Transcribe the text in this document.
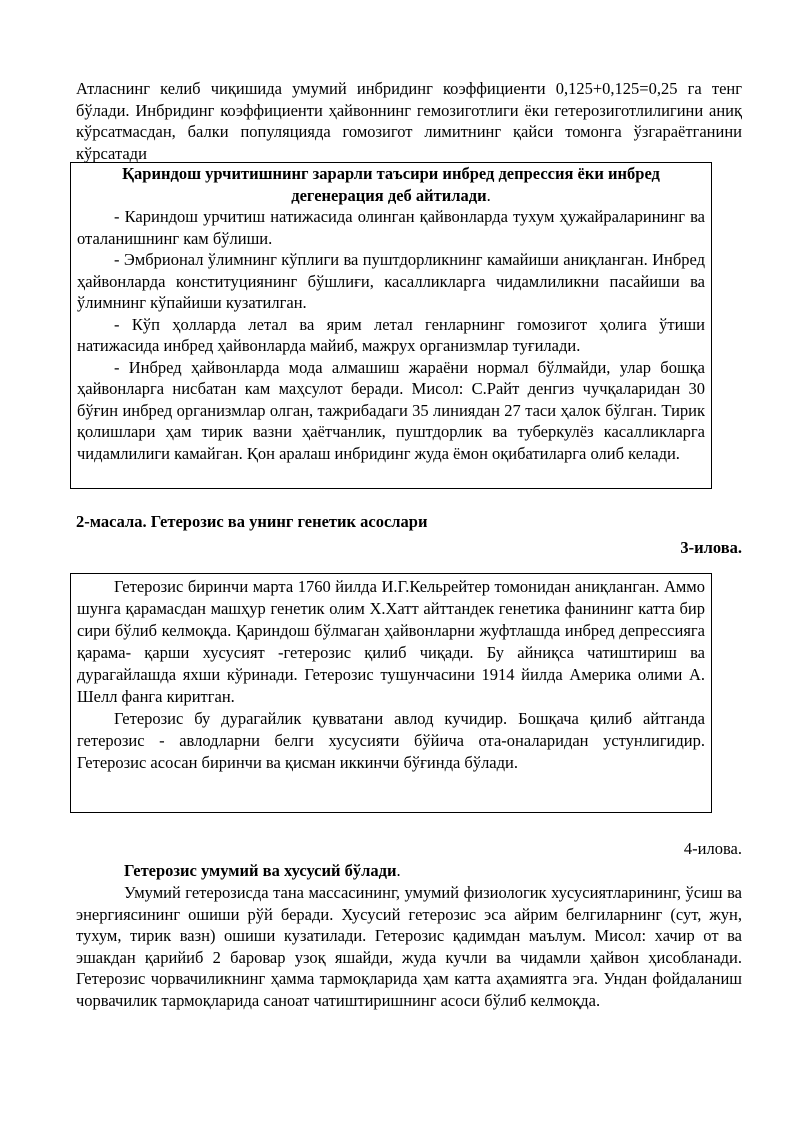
Атласнинг келиб чиқишида умумий инбридинг коэффициенти 0,125+0,125=0,25 га тенг бўлади. Инбридинг коэффициенти ҳайвоннинг гемозиготлиги ёки гетерозиготлилигини аниқ кўрсатмасдан, балки популяцияда гомозигот лимитнинг қайси томонга ўзгараётганини кўрсатади

Қариндош урчитишнинг зарарли таъсири инбред депрессия ёки инбред дегенерация деб айтилади.

- Кариндош урчитиш натижасида олинган қайвонларда тухум ҳужайраларининг ва оталанишнинг кам бўлиши.

- Эмбрионал ўлимнинг кўплиги ва пуштдорликнинг камайиши аниқланган. Инбред ҳайвонларда конституциянинг бўшлиғи, касалликларга чидамлиликни пасайиши ва ўлимнинг кўпайиши кузатилган.

- Кўп ҳолларда летал ва ярим летал генларнинг гомозигот ҳолига ўтиши натижасида инбред ҳайвонларда майиб, мажрух организмлар туғилади.

- Инбред ҳайвонларда мода алмашиш жараёни нормал бўлмайди, улар бошқа ҳайвонларга нисбатан кам маҳсулот беради. Мисол: С.Райт денгиз чучқаларидан 30 бўғин инбред организмлар олган, тажрибадаги 35 линиядан 27 таси ҳалок бўлган. Тирик қолишлари ҳам тирик вазни ҳаётчанлик, пуштдорлик ва туберкулёз касалликларга чидамлилиги камайган. Қон аралаш инбридинг жуда ёмон оқибатиларга олиб келади.

2-масала. Гетерозис ва унинг генетик асослари

3-илова.

Гетерозис биринчи марта 1760 йилда И.Г.Кельрейтер томонидан аниқланган. Аммо шунга қарамасдан машҳур генетик олим Х.Хатт айттандек генетика фанининг катта бир сири бўлиб келмоқда. Қариндош бўлмаган ҳайвонларни жуфтлашда инбред депрессияга қарама- қарши хусусият -гетерозис қилиб чиқади. Бу айниқса чатиштириш ва дурагайлашда яхши кўринади. Гетерозис тушунчасини 1914 йилда Америка олими А. Шелл фанга киритган.

Гетерозис бу дурагайлик қувватани авлод кучидир. Бошқача қилиб айтганда гетерозис - авлодларни белги хусусияти бўйича ота-оналаридан устунлигидир. Гетерозис асосан биринчи ва қисман иккинчи бўғинда бўлади.

4-илова.

Гетерозис умумий ва хусусий бўлади.

Умумий гетерозисда тана массасининг, умумий физиологик хусусиятларининг, ўсиш ва энергиясининг ошиши рўй беради. Хусусий гетерозис эса айрим белгиларнинг (сут, жун, тухум, тирик вазн) ошиши кузатилади. Гетерозис қадимдан маълум. Мисол: хачир от ва эшакдан қарийиб 2 баровар узоқ яшайди, жуда кучли ва чидамли ҳайвон ҳисобланади. Гетерозис чорвачиликнинг ҳамма тармоқларида ҳам катта аҳамиятга эга. Ундан фойдаланиш чорвачилик тармоқларида саноат чатиштиришнинг асоси бўлиб келмоқда.
